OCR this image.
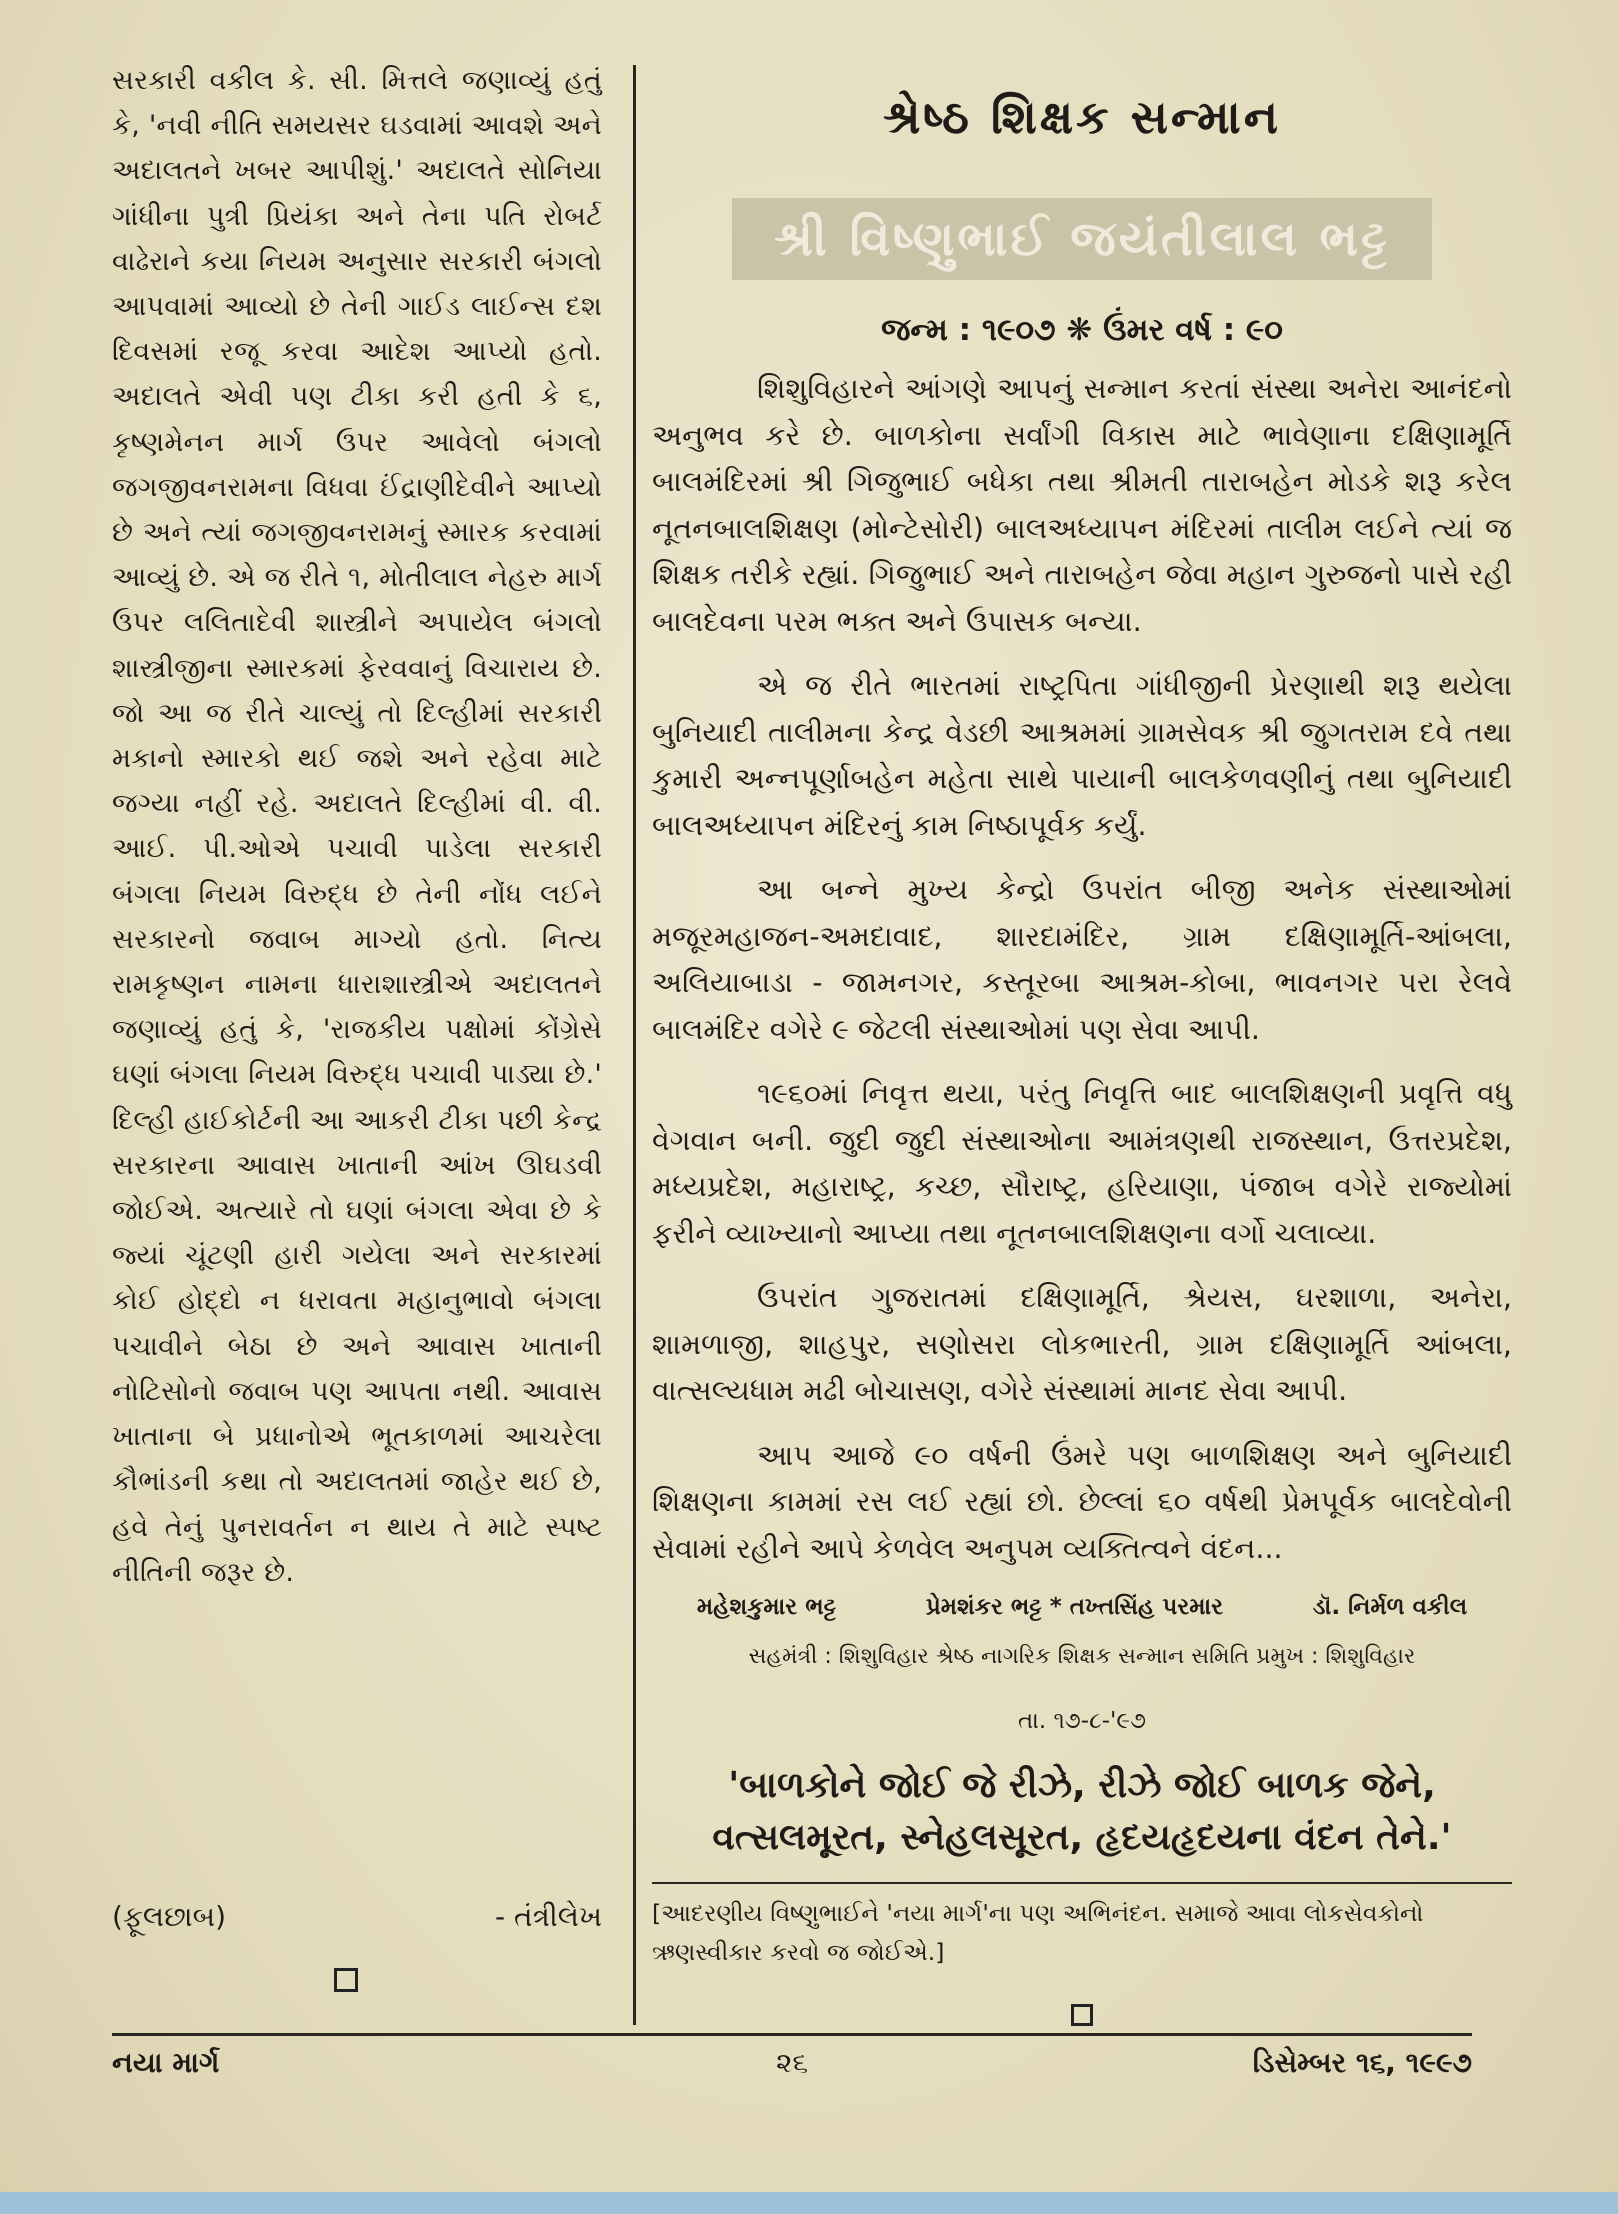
સરકારી વકીલ કે. સી. મિત્તલે જણાવ્યું હતું કે, 'નવી નીતિ સમયસર ઘડવામાં આવશે અને અદાલતને ખબર આપીશું.' અદાલતે સોનિયા ગાંધીના પુત્રી પ્રિયંકા અને તેના પતિ રોબર્ટ વાઢેરાને કયા નિયમ અનુસાર સરકારી બંગલો આપવામાં આવ્યો છે તેની ગાઈડ લાઈન્સ દશ દિવસમાં રજૂ કરવા આદેશ આપ્યો હતો. અદાલતે એવી પણ ટીકા કરી હતી કે ૬, કૃષ્ણમેનન માર્ગ ઉપર આવેલો બંગલો જગજીવનરામના વિધવા ઈંદ્રાણીદેવીને આપ્યો છે અને ત્યાં જગજીવનરામનું સ્મારક કરવામાં આવ્યું છે. એ જ રીતે ૧, મોતીલાલ નેહરુ માર્ગ ઉપર લલિતાદેવી શાસ્ત્રીને અપાયેલ બંગલો શાસ્ત્રીજીના સ્મારકમાં ફેરવવાનું વિચારાય છે. જો આ જ રીતે ચાલ્યું તો દિલ્હીમાં સરકારી મકાનો સ્મારકો થઈ જશે અને રહેવા માટે જગ્યા નહીં રહે. અદાલતે દિલ્હીમાં વી. વી. આઈ. પી.ઓએ પચાવી પાડેલા સરકારી બંગલા નિયમ વિરુદ્ધ છે તેની નોંધ લઈને સરકારનો જવાબ માગ્યો હતો. નિત્ય રામકૃષ્ણન નામના ધારાશાસ્ત્રીએ અદાલતને જણાવ્યું હતું કે, 'રાજકીય પક્ષોમાં કોંગ્રેસે ઘણાં બંગલા નિયમ વિરુદ્ધ પચાવી પાડ્યા છે.' દિલ્હી હાઈકોર્ટની આ આકરી ટીકા પછી કેન્દ્ર સરકારના આવાસ ખાતાની આંખ ઊઘડવી જોઈએ. અત્યારે તો ઘણાં બંગલા એવા છે કે જ્યાં ચૂંટણી હારી ગયેલા અને સરકારમાં કોઈ હોદ્દો ન ધરાવતા મહાનુભાવો બંગલા પચાવીને બેઠા છે અને આવાસ ખાતાની નોટિસોનો જવાબ પણ આપતા નથી. આવાસ ખાતાના બે પ્રધાનોએ ભૂતકાળમાં આચરેલા કૌભાંડની કથા તો અદાલતમાં જાહેર થઈ છે, હવે તેનું પુનરાવર્તન ન થાય તે માટે સ્પષ્ટ નીતિની જરૂર છે.

(ફૂલછાબ)	- તંત્રીલેખ
શ્રેષ્ઠ શિક્ષક સન્માન
શ્રી વિષ્ણુભાઈ જયંતીલાલ ભટ્ટ
જન્મ : ૧૯૦૭ ❋ ઉંમર વર્ષ : ૯૦

શિશુવિહારને આંગણે આપનું સન્માન કરતાં સંસ્થા અનેરા આનંદનો અનુભવ કરે છે. બાળકોના સર્વાંગી વિકાસ માટે ભાવેણાના દક્ષિણામૂર્તિ બાલમંદિરમાં શ્રી ગિજુભાઈ બધેકા તથા શ્રીમતી તારાબહેન મોડકે શરૂ કરેલ નૂતનબાલશિક્ષણ (મોન્ટેસોરી) બાલઅધ્યાપન મંદિરમાં તાલીમ લઈને ત્યાં જ શિક્ષક તરીકે રહ્યાં. ગિજુભાઈ અને તારાબહેન જેવા મહાન ગુરુજનો પાસે રહી બાલદેવના પરમ ભક્ત અને ઉપાસક બન્યા.

એ જ રીતે ભારતમાં રાષ્ટ્રપિતા ગાંધીજીની પ્રેરણાથી શરૂ થયેલા બુનિયાદી તાલીમના કેન્દ્ર વેડછી આશ્રમમાં ગ્રામસેવક શ્રી જુગતરામ દવે તથા કુમારી અન્નપૂર્ણાબહેન મહેતા સાથે પાયાની બાલકેળવણીનું તથા બુનિયાદી બાલઅધ્યાપન મંદિરનું કામ નિષ્ઠાપૂર્વક કર્યું.

આ બન્ને મુખ્ય કેન્દ્રો ઉપરાંત બીજી અનેક સંસ્થાઓમાં મજૂરમહાજન-અમદાવાદ, શારદામંદિર, ગ્રામ દક્ષિણામૂર્તિ-આંબલા, અલિયાબાડા - જામનગર, કસ્તૂરબા આશ્રમ-કોબા, ભાવનગર પરા રેલવે બાલમંદિર વગેરે ૯ જેટલી સંસ્થાઓમાં પણ સેવા આપી.

૧૯૬૦માં નિવૃત્ત થયા, પરંતુ નિવૃત્તિ બાદ બાલશિક્ષણની પ્રવૃત્તિ વધુ વેગવાન બની. જુદી જુદી સંસ્થાઓના આમંત્રણથી રાજસ્થાન, ઉત્તરપ્રદેશ, મધ્યપ્રદેશ, મહારાષ્ટ્ર, કચ્છ, સૌરાષ્ટ્ર, હરિયાણા, પંજાબ વગેરે રાજ્યોમાં ફરીને વ્યાખ્યાનો આપ્યા તથા નૂતનબાલશિક્ષણના વર્ગો ચલાવ્યા.

ઉપરાંત ગુજરાતમાં દક્ષિણામૂર્તિ, શ્રેયસ, ઘરશાળા, અનેરા, શામળાજી, શાહપુર, સણોસરા લોકભારતી, ગ્રામ દક્ષિણામૂર્તિ આંબલા, વાત્સલ્યધામ મઢી બોચાસણ, વગેરે સંસ્થામાં માનદ સેવા આપી.

આપ આજે ૯૦ વર્ષની ઉંમરે પણ બાળશિક્ષણ અને બુનિયાદી શિક્ષણના કામમાં રસ લઈ રહ્યાં છો. છેલ્લાં ૬૦ વર્ષથી પ્રેમપૂર્વક બાલદેવોની સેવામાં રહીને આપે કેળવેલ અનુપમ વ્યક્તિત્વને વંદન...

મહેશકુમાર ભટ્ટ	પ્રેમશંકર ભટ્ટ * તખ્તસિંહ પરમાર	ડૉ. નિર્મળ વકીલ
સહમંત્રી : શિશુવિહાર શ્રેષ્ઠ નાગરિક શિક્ષક સન્માન સમિતિ પ્રમુખ : શિશુવિહાર
તા. ૧૭-૮-'૯૭
'બાળકોને જોઈ જે રીઝે, રીઝે જોઈ બાળક જેને,
વત્સલમૂરત, સ્નેહલસૂરત, હૃદયહૃદયના વંદન તેને.'
[આદરણીય વિષ્ણુભાઈને 'નયા માર્ગ'ના પણ અભિનંદન. સમાજે આવા લોકસેવકોનો ઋણસ્વીકાર કરવો જ જોઈએ.]
નયા માર્ગ	૨૬	ડિસેમ્બર ૧૬, ૧૯૯૭
